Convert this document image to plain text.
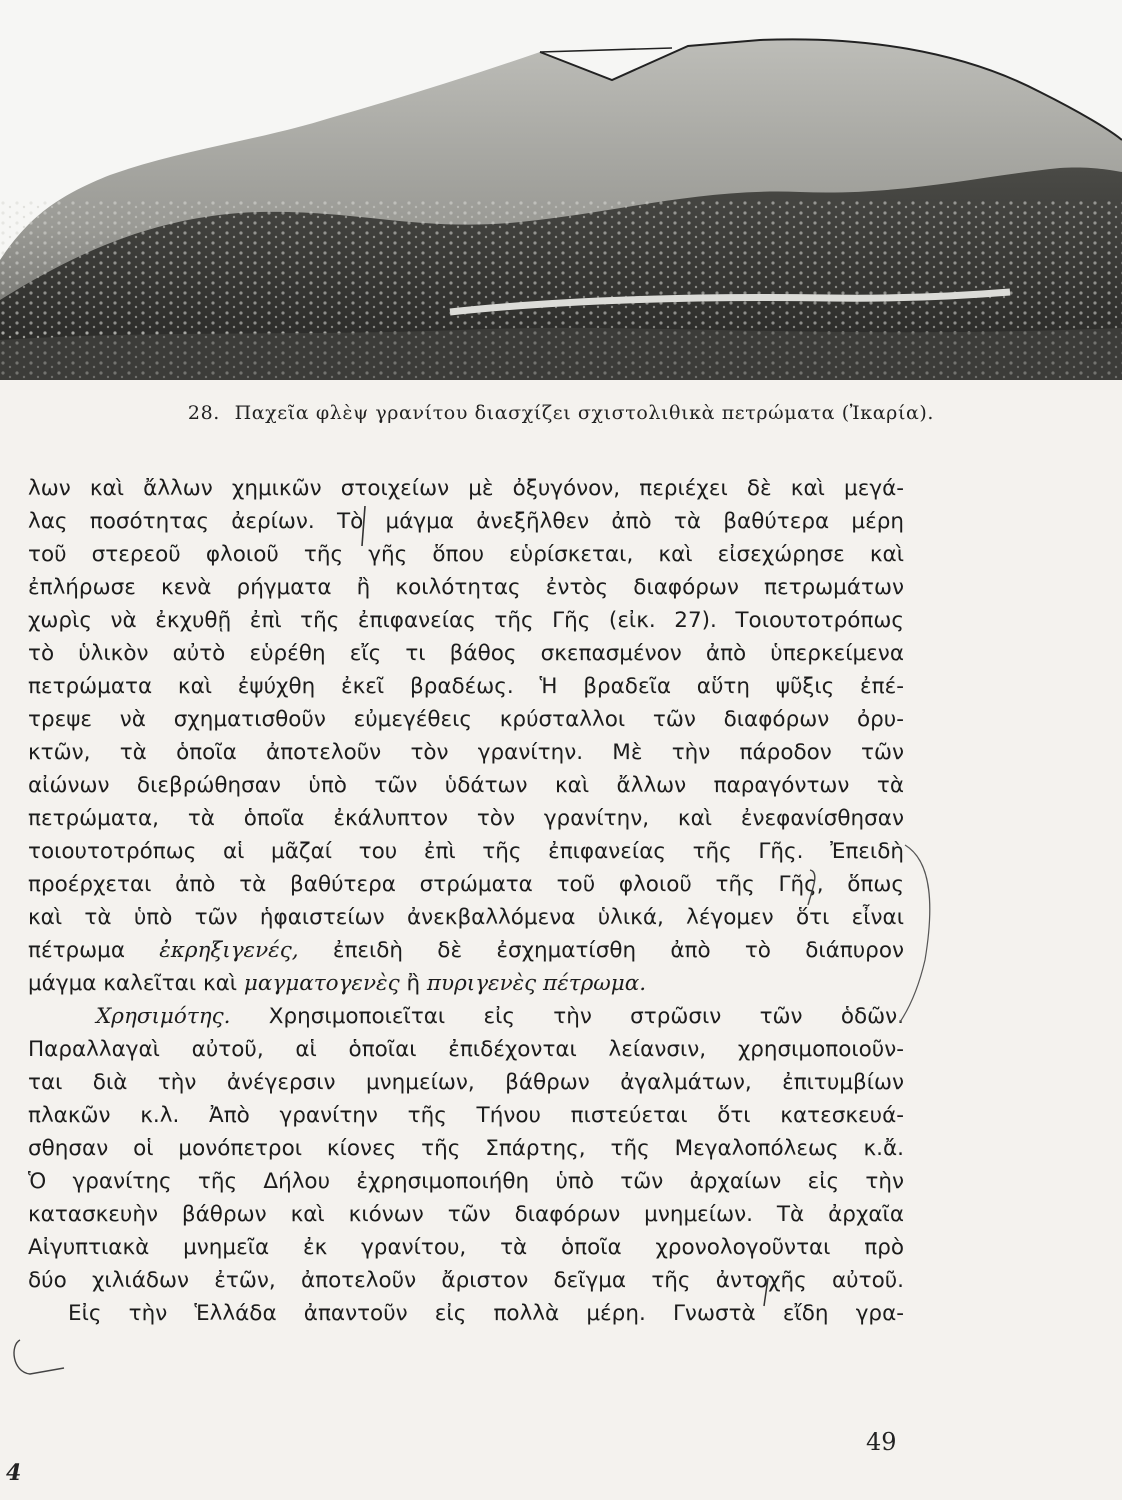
28. Παχεῖα φλὲψ γρανίτου διασχίζει σχιστολιθικὰ πετρώματα (Ἰκαρία).
λων καὶ ἄλλων χημικῶν στοιχείων μὲ ὀξυγόνον, περιέχει δὲ καὶ μεγά-
λας ποσότητας ἀερίων. Τὸ μάγμα ἀνεξῆλθεν ἀπὸ τὰ βαθύτερα μέρη
τοῦ στερεοῦ φλοιοῦ τῆς γῆς ὅπου εὑρίσκεται, καὶ εἰσεχώρησε καὶ
ἐπλήρωσε κενὰ ρήγματα ἢ κοιλότητας ἐντὸς διαφόρων πετρωμάτων
χωρὶς νὰ ἐκχυθῇ ἐπὶ τῆς ἐπιφανείας τῆς Γῆς (εἰκ. 27). Τοιουτοτρόπως
τὸ ὑλικὸν αὐτὸ εὑρέθη εἴς τι βάθος σκεπασμένον ἀπὸ ὑπερκείμενα
πετρώματα καὶ ἐψύχθη ἐκεῖ βραδέως. Ἡ βραδεῖα αὕτη ψῦξις ἐπέ-
τρεψε νὰ σχηματισθοῦν εὐμεγέθεις κρύσταλλοι τῶν διαφόρων ὀρυ-
κτῶν, τὰ ὁποῖα ἀποτελοῦν τὸν γρανίτην. Μὲ τὴν πάροδον τῶν
αἰώνων διεβρώθησαν ὑπὸ τῶν ὑδάτων καὶ ἄλλων παραγόντων τὰ
πετρώματα, τὰ ὁποῖα ἐκάλυπτον τὸν γρανίτην, καὶ ἐνεφανίσθησαν
τοιουτοτρόπως αἱ μᾶζαί του ἐπὶ τῆς ἐπιφανείας τῆς Γῆς. Ἐπειδὴ
προέρχεται ἀπὸ τὰ βαθύτερα στρώματα τοῦ φλοιοῦ τῆς Γῆς, ὅπως
καὶ τὰ ὑπὸ τῶν ἡφαιστείων ἀνεκβαλλόμενα ὑλικά, λέγομεν ὅτι εἶναι
πέτρωμα ἐκρηξιγενές, ἐπειδὴ δὲ ἐσχηματίσθη ἀπὸ τὸ διάπυρον
μάγμα καλεῖται καὶ μαγματογενὲς ἢ πυριγενὲς πέτρωμα.
Χρησιμότης. Χρησιμοποιεῖται εἰς τὴν στρῶσιν τῶν ὁδῶν.
Παραλλαγαὶ αὐτοῦ, αἱ ὁποῖαι ἐπιδέχονται λείανσιν, χρησιμοποιοῦν-
ται διὰ τὴν ἀνέγερσιν μνημείων, βάθρων ἀγαλμάτων, ἐπιτυμβίων
πλακῶν κ.λ. Ἀπὸ γρανίτην τῆς Τήνου πιστεύεται ὅτι κατεσκευά-
σθησαν οἱ μονόπετροι κίονες τῆς Σπάρτης, τῆς Μεγαλοπόλεως κ.ἄ.
Ὁ γρανίτης τῆς Δήλου ἐχρησιμοποιήθη ὑπὸ τῶν ἀρχαίων εἰς τὴν
κατασκευὴν βάθρων καὶ κιόνων τῶν διαφόρων μνημείων. Τὰ ἀρχαῖα
Αἰγυπτιακὰ μνημεῖα ἐκ γρανίτου, τὰ ὁποῖα χρονολογοῦνται πρὸ
δύο χιλιάδων ἐτῶν, ἀποτελοῦν ἄριστον δεῖγμα τῆς ἀντοχῆς αὐτοῦ.
Εἰς τὴν Ἑλλάδα ἀπαντοῦν εἰς πολλὰ μέρη. Γνωστὰ εἴδη γρα-
49
4
